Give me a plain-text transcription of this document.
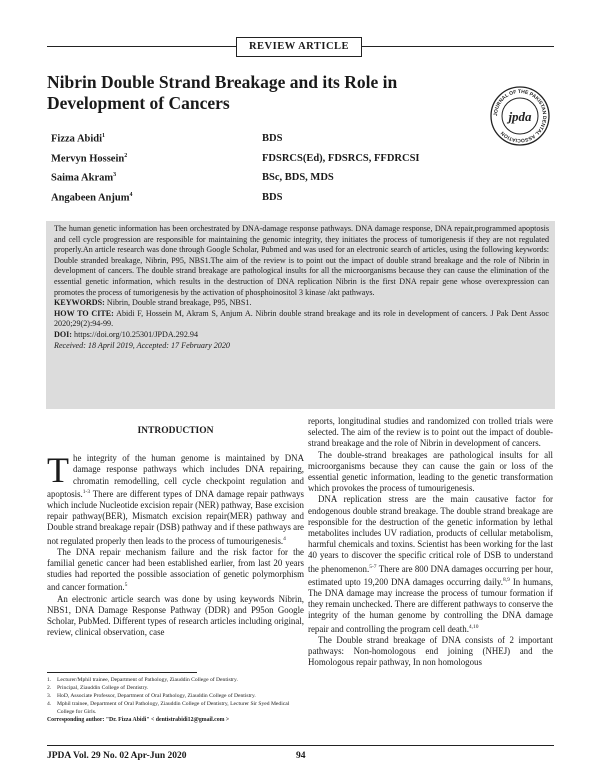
REVIEW ARTICLE
Nibrin Double Strand Breakage and its Role in Development of Cancers
JOURNAL OF THE PAKISTAN DENTAL ASSOCIATION
jpda
Fizza Abidi$^1$	BDS
Mervyn Hossein$^2$	FDSRCS(Ed), FDSRCS, FFDRCSI
Saima Akram$^3$	BSc, BDS, MDS
Angabeen Anjum$^4$	BDS

The human genetic information has been orchestrated by DNA-damage response pathways. DNA damage response, DNA repair,programmed apoptosis and cell cycle progression are responsible for maintaining the genomic integrity, they initiates the process of tumorigenesis if they are not regulated properly.An article research was done through Google Scholar, Pubmed and was used for an electronic search of articles, using the following keywords: Double stranded breakage, Nibrin, P95, NBS1.The aim of the review is to point out the impact of double strand breakage and the role of Nibrin in development of cancers. The double strand breakage are pathological insults for all the microorganisms because they can cause the elimination of the essential genetic information, which results in the destruction of DNA replication Nibrin is the first DNA repair gene whose overexpression can promotes the process of tumorigenesis by the activation of phosphoinositol 3 kinase /akt pathways.

KEYWORDS: Nibrin, Double strand breakage, P95, NBS1.

HOW TO CITE: Abidi F, Hossein M, Akram S, Anjum A. Nibrin double strand breakage and its role in development of cancers. J Pak Dent Assoc 2020;29(2):94-99.

DOI: https://doi.org/10.25301/JPDA.292.94

Received: 18 April 2019, Accepted: 17 February 2020

INTRODUCTION

The integrity of the human genome is maintained by DNA damage response pathways which includes DNA repairing, chromatin remodelling, cell cycle checkpoint regulation and apoptosis.$^{1-3}$ There are different types of DNA damage repair pathways which include Nucleotide excision repair (NER) pathway, Base excision repair pathway(BER), Mismatch excision repair(MER) pathway and Double strand breakage repair (DSB) pathway and if these pathways are not regulated properly then leads to the process of tumourigenesis.$^4$

The DNA repair mechanism failure and the risk factor for the familial genetic cancer had been established earlier, from last 20 years studies had reported the possible association of genetic polymorphism and cancer formation.$^5$

An electronic article search was done by using keywords Nibrin, NBS1, DNA Damage Response Pathway (DDR) and P95on Google Scholar, PubMed. Different types of research articles including original, review, clinical observation, case

reports, longitudinal studies and randomized con trolled trials were selected. The aim of the review is to point out the impact of double-strand breakage and the role of Nibrin in development of cancers.

The double-strand breakages are pathological insults for all microorganisms because they can cause the gain or loss of the essential genetic information, leading to the genetic transformation which provokes the process of tumourigenesis.

DNA replication stress are the main causative factor for endogenous double strand breakage. The double strand breakage are responsible for the destruction of the genetic information by lethal metabolites includes UV radiation, products of cellular metabolism, harmful chemicals and toxins. Scientist has been working for the last 40 years to discover the specific critical role of DSB to understand the phenomenon.$^{5-7}$ There are 800 DNA damages occurring per hour, estimated upto 19,200 DNA damages occurring daily.$^{8,9}$ In humans, The DNA damage may increase the process of tumour formation if they remain unchecked. There are different pathways to conserve the integrity of the human genome by controlling the DNA damage repair and controlling the program cell death.$^{4,10}$

The Double strand breakage of DNA consists of 2 important pathways: Non-homologous end joining (NHEJ) and the Homologous repair pathway, In non homologous

1.	Lecturer/Mphil trainee, Department of Pathology, Ziauddin College of Dentistry.
2.	Principal, Ziauddin College of Dentistry.
3.	HoD, Associate Professor, Department of Oral Pathology, Ziauddin College of Dentistry.
4.	Mphil trainee, Department of Oral Pathology, Ziauddin College of Dentistry, Lecturer Sir Syed Medical College for Girls.
Corresponding author: "Dr. Fizza Abidi" < dentistrabidi12@gmail.com >
JPDA Vol. 29 No. 02 Apr-Jun 2020	94
